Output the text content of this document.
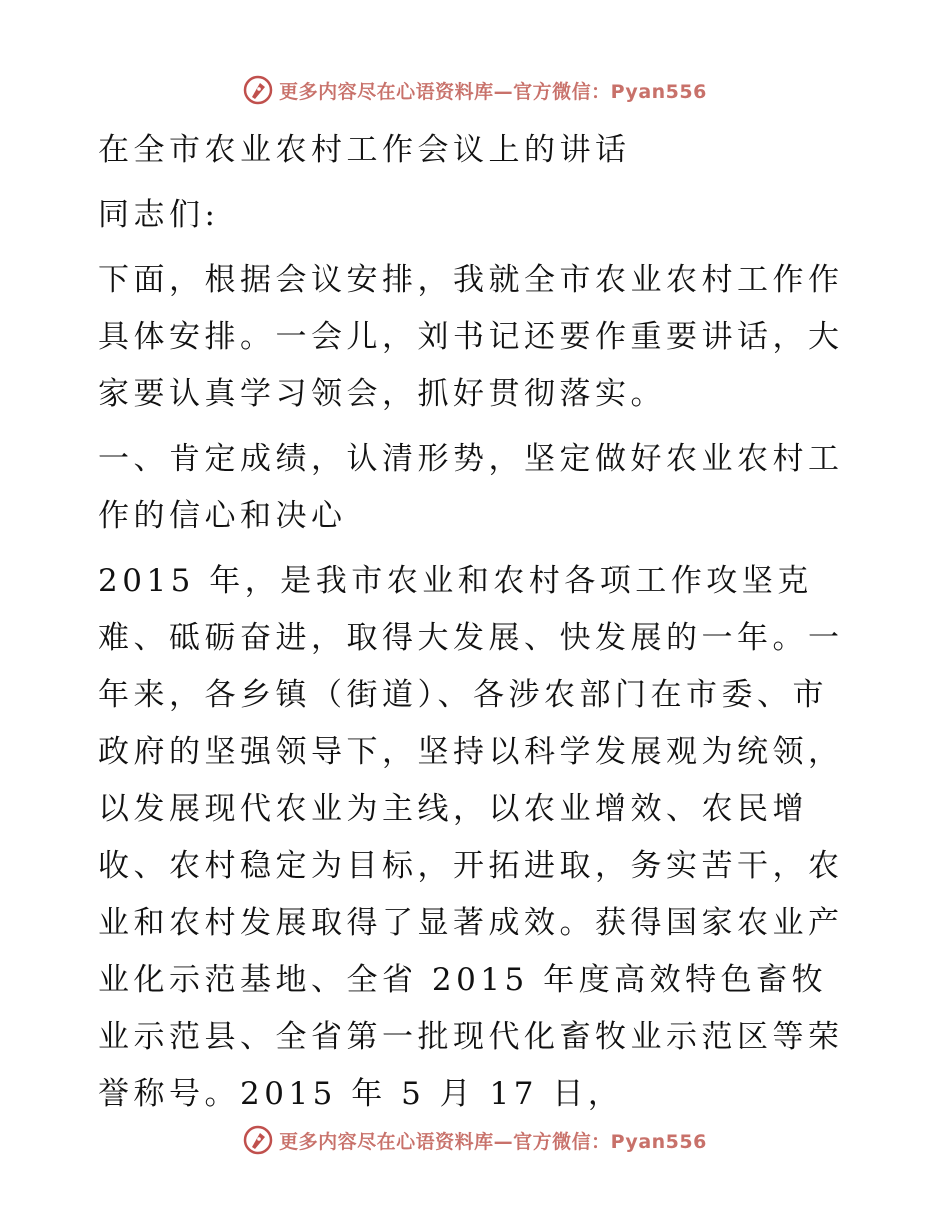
更多内容尽在心语资料库—官方微信：Pyan556

在全市农业农村工作会议上的讲话

同志们:

下面，根据会议安排，我就全市农业农村工作作具体安排。一会儿，刘书记还要作重要讲话，大家要认真学习领会，抓好贯彻落实。

一、肯定成绩，认清形势，坚定做好农业农村工作的信心和决心

2015 年，是我市农业和农村各项工作攻坚克难、砥砺奋进，取得大发展、快发展的一年。一年来，各乡镇（街道）、各涉农部门在市委、市政府的坚强领导下，坚持以科学发展观为统领，以发展现代农业为主线，以农业增效、农民增收、农村稳定为目标，开拓进取，务实苦干，农业和农村发展取得了显著成效。获得国家农业产业化示范基地、全省 2015 年度高效特色畜牧业示范县、全省第一批现代化畜牧业示范区等荣誉称号。2015 年 5 月 17 日，

更多内容尽在心语资料库—官方微信：Pyan556
